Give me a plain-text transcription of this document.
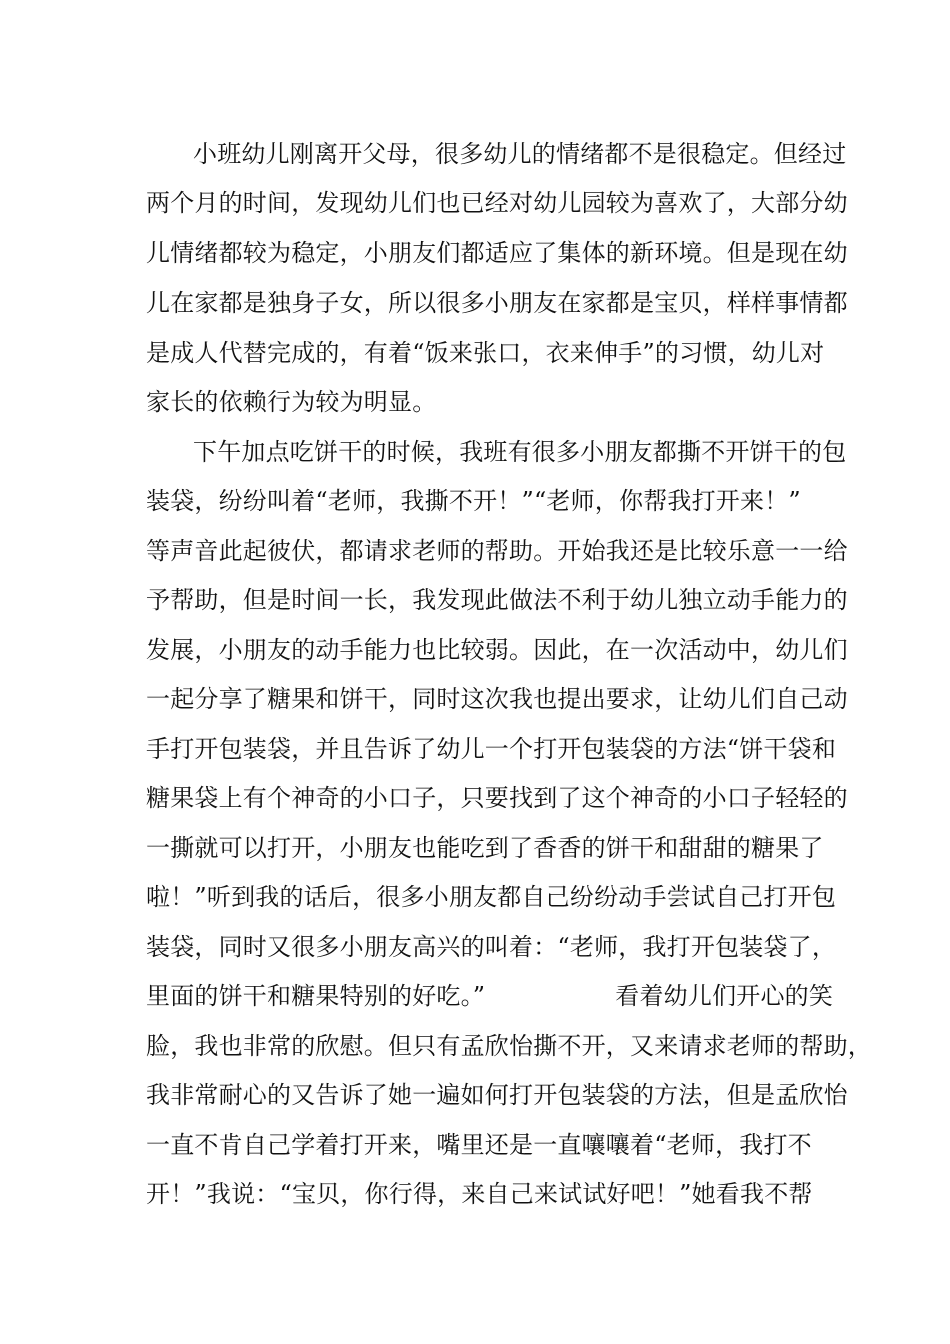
小班幼儿刚离开父母，很多幼儿的情绪都不是很稳定。但经过
两个月的时间，发现幼儿们也已经对幼儿园较为喜欢了，大部分幼
儿情绪都较为稳定，小朋友们都适应了集体的新环境。但是现在幼
儿在家都是独身子女，所以很多小朋友在家都是宝贝，样样事情都
是成人代替完成的，有着“饭来张口，衣来伸手”的习惯，幼儿对
家长的依赖行为较为明显。
下午加点吃饼干的时候，我班有很多小朋友都撕不开饼干的包
装袋，纷纷叫着“老师，我撕不开！”“老师，你帮我打开来！”
等声音此起彼伏，都请求老师的帮助。开始我还是比较乐意一一给
予帮助，但是时间一长，我发现此做法不利于幼儿独立动手能力的
发展，小朋友的动手能力也比较弱。因此，在一次活动中，幼儿们
一起分享了糖果和饼干，同时这次我也提出要求，让幼儿们自己动
手打开包装袋，并且告诉了幼儿一个打开包装袋的方法“饼干袋和
糖果袋上有个神奇的小口子，只要找到了这个神奇的小口子轻轻的
一撕就可以打开，小朋友也能吃到了香香的饼干和甜甜的糖果了
啦！”听到我的话后，很多小朋友都自己纷纷动手尝试自己打开包
装袋，同时又很多小朋友高兴的叫着：“老师，我打开包装袋了，
里面的饼干和糖果特别的好吃。”	看着幼儿们开心的笑
脸，我也非常的欣慰。但只有孟欣怡撕不开，又来请求老师的帮助，
我非常耐心的又告诉了她一遍如何打开包装袋的方法，但是孟欣怡
一直不肯自己学着打开来，嘴里还是一直嚷嚷着“老师，我打不
开！”我说：“宝贝，你行得，来自己来试试好吧！”她看我不帮
